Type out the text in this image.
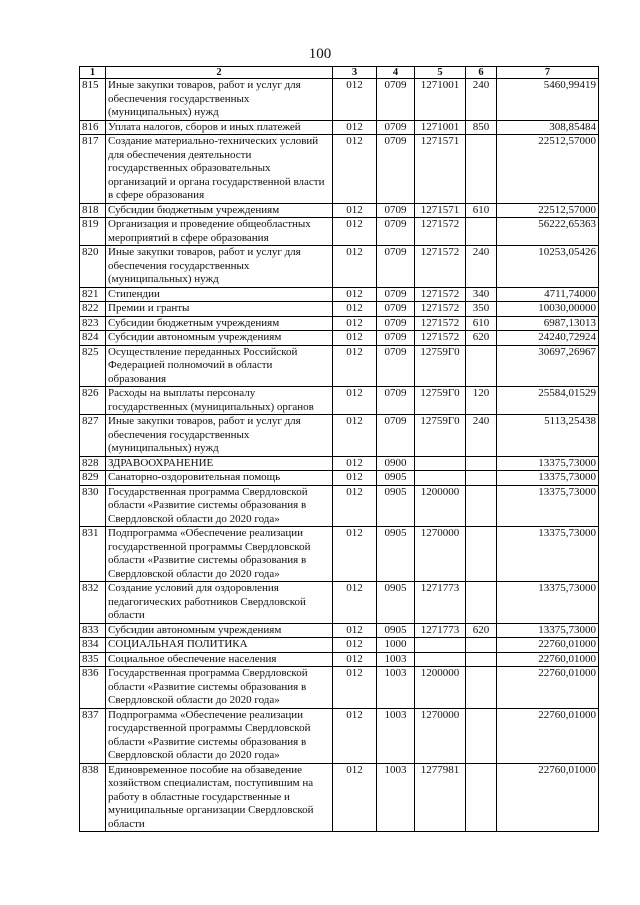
100
1	2	3	4	5	6	7
815	Иные закупки товаров, работ и услуг для обеспечения государственных (муниципальных) нужд	012	0709	1271001	240	5460,99419
816	Уплата налогов, сборов и иных платежей	012	0709	1271001	850	308,85484
817	Создание материально-технических условий для обеспечения деятельности государственных образовательных организаций и органа государственной власти в сфере образования	012	0709	1271571		22512,57000
818	Субсидии бюджетным учреждениям	012	0709	1271571	610	22512,57000
819	Организация и проведение общеобластных мероприятий в сфере образования	012	0709	1271572		56222,65363
820	Иные закупки товаров, работ и услуг для обеспечения государственных (муниципальных) нужд	012	0709	1271572	240	10253,05426
821	Стипендии	012	0709	1271572	340	4711,74000
822	Премии и гранты	012	0709	1271572	350	10030,00000
823	Субсидии бюджетным учреждениям	012	0709	1271572	610	6987,13013
824	Субсидии автономным учреждениям	012	0709	1271572	620	24240,72924
825	Осуществление переданных Российской Федерацией полномочий в области образования	012	0709	12759Г0		30697,26967
826	Расходы на выплаты персоналу государственных (муниципальных) органов	012	0709	12759Г0	120	25584,01529
827	Иные закупки товаров, работ и услуг для обеспечения государственных (муниципальных) нужд	012	0709	12759Г0	240	5113,25438
828	ЗДРАВООХРАНЕНИЕ	012	0900			13375,73000
829	Санаторно-оздоровительная помощь	012	0905			13375,73000
830	Государственная программа Свердловской области «Развитие системы образования в Свердловской области до 2020 года»	012	0905	1200000		13375,73000
831	Подпрограмма «Обеспечение реализации государственной программы Свердловской области «Развитие системы образования в Свердловской области до 2020 года»	012	0905	1270000		13375,73000
832	Создание условий для оздоровления педагогических работников Свердловской области	012	0905	1271773		13375,73000
833	Субсидии автономным учреждениям	012	0905	1271773	620	13375,73000
834	СОЦИАЛЬНАЯ ПОЛИТИКА	012	1000			22760,01000
835	Социальное обеспечение населения	012	1003			22760,01000
836	Государственная программа Свердловской области «Развитие системы образования в Свердловской области до 2020 года»	012	1003	1200000		22760,01000
837	Подпрограмма «Обеспечение реализации государственной программы Свердловской области «Развитие системы образования в Свердловской области до 2020 года»	012	1003	1270000		22760,01000
838	Единовременное пособие на обзаведение хозяйством специалистам, поступившим на работу в областные государственные и муниципальные организации Свердловской области	012	1003	1277981		22760,01000
